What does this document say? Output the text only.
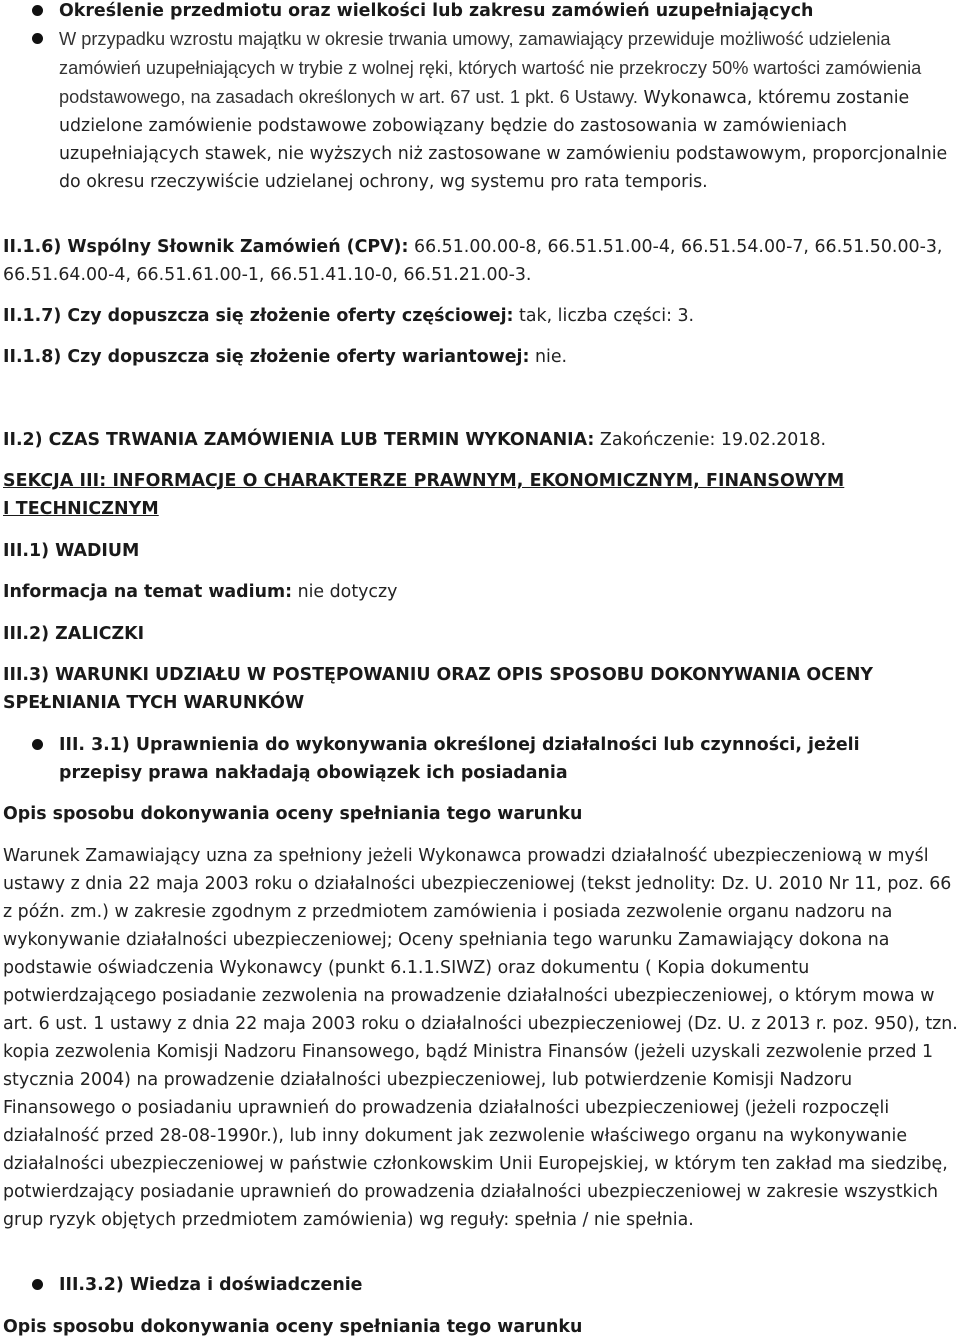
Określenie przedmiotu oraz wielkości lub zakresu zamówień uzupełniających

W przypadku wzrostu majątku w okresie trwania umowy, zamawiający przewiduje możliwość udzielenia zamówień uzupełniających w trybie z wolnej ręki, których wartość nie przekroczy 50% wartości zamówienia podstawowego, na zasadach określonych w art. 67 ust. 1 pkt. 6 Ustawy. Wykonawca, któremu zostanie udzielone zamówienie podstawowe zobowiązany będzie do zastosowania w zamówieniach uzupełniających stawek, nie wyższych niż zastosowane w zamówieniu podstawowym, proporcjonalnie do okresu rzeczywiście udzielanej ochrony, wg systemu pro rata temporis.

II.1.6) Wspólny Słownik Zamówień (CPV): 66.51.00.00-8, 66.51.51.00-4, 66.51.54.00-7, 66.51.50.00-3, 66.51.64.00-4, 66.51.61.00-1, 66.51.41.10-0, 66.51.21.00-3.

II.1.7) Czy dopuszcza się złożenie oferty częściowej: tak, liczba części: 3.

II.1.8) Czy dopuszcza się złożenie oferty wariantowej: nie.

II.2) CZAS TRWANIA ZAMÓWIENIA LUB TERMIN WYKONANIA: Zakończenie: 19.02.2018.

SEKCJA III: INFORMACJE O CHARAKTERZE PRAWNYM, EKONOMICZNYM, FINANSOWYM I TECHNICZNYM

III.1) WADIUM

Informacja na temat wadium: nie dotyczy

III.2) ZALICZKI

III.3) WARUNKI UDZIAŁU W POSTĘPOWANIU ORAZ OPIS SPOSOBU DOKONYWANIA OCENY SPEŁNIANIA TYCH WARUNKÓW

III. 3.1) Uprawnienia do wykonywania określonej działalności lub czynności, jeżeli przepisy prawa nakładają obowiązek ich posiadania

Opis sposobu dokonywania oceny spełniania tego warunku

Warunek Zamawiający uzna za spełniony jeżeli Wykonawca prowadzi działalność ubezpieczeniową w myśl ustawy z dnia 22 maja 2003 roku o działalności ubezpieczeniowej (tekst jednolity: Dz. U. 2010 Nr 11, poz. 66 z późn. zm.) w zakresie zgodnym z przedmiotem zamówienia i posiada zezwolenie organu nadzoru na wykonywanie działalności ubezpieczeniowej; Oceny spełniania tego warunku Zamawiający dokona na podstawie oświadczenia Wykonawcy (punkt 6.1.1.SIWZ) oraz dokumentu ( Kopia dokumentu potwierdzającego posiadanie zezwolenia na prowadzenie działalności ubezpieczeniowej, o którym mowa w art. 6 ust. 1 ustawy z dnia 22 maja 2003 roku o działalności ubezpieczeniowej (Dz. U. z 2013 r. poz. 950), tzn. kopia zezwolenia Komisji Nadzoru Finansowego, bądź Ministra Finansów (jeżeli uzyskali zezwolenie przed 1 stycznia 2004) na prowadzenie działalności ubezpieczeniowej, lub potwierdzenie Komisji Nadzoru Finansowego o posiadaniu uprawnień do prowadzenia działalności ubezpieczeniowej (jeżeli rozpoczęli działalność przed 28-08-1990r.), lub inny dokument jak zezwolenie właściwego organu na wykonywanie działalności ubezpieczeniowej w państwie członkowskim Unii Europejskiej, w którym ten zakład ma siedzibę, potwierdzający posiadanie uprawnień do prowadzenia działalności ubezpieczeniowej w zakresie wszystkich grup ryzyk objętych przedmiotem zamówienia) wg reguły: spełnia / nie spełnia.

III.3.2) Wiedza i doświadczenie

Opis sposobu dokonywania oceny spełniania tego warunku
